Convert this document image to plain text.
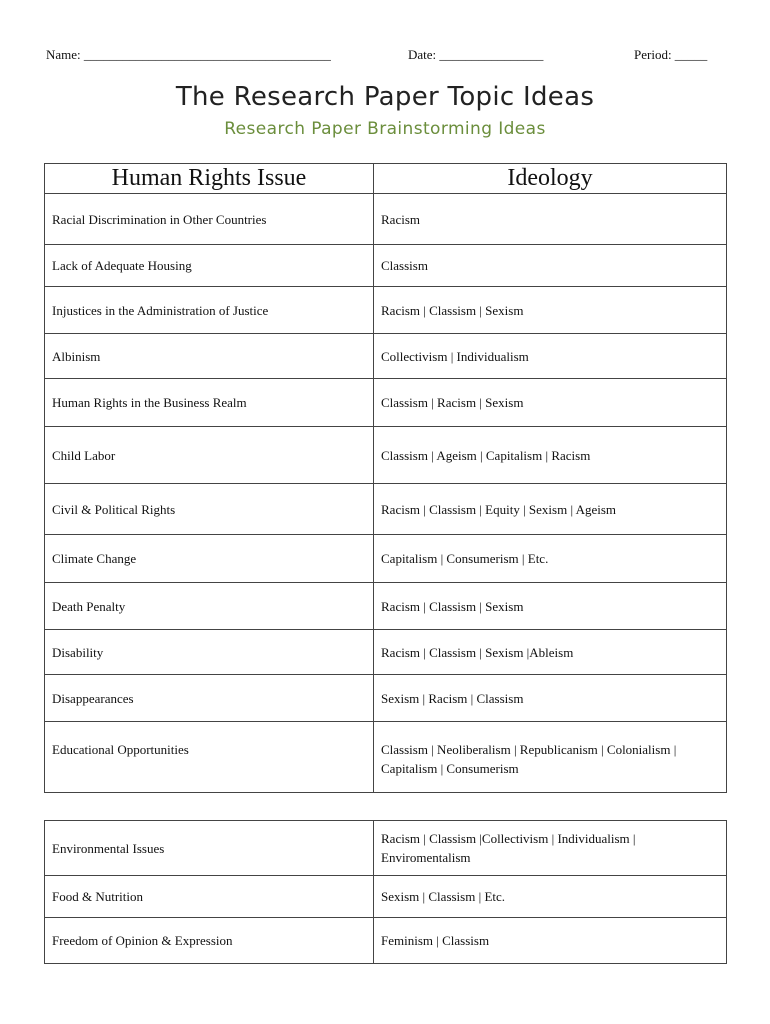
Name: ______________________________________	Date: ________________	Period: _____
The Research Paper Topic Ideas
Research Paper Brainstorming Ideas
Human Rights Issue	Ideology
Racial Discrimination in Other Countries	Racism
Lack of Adequate Housing	Classism
Injustices in the Administration of Justice	Racism | Classism | Sexism
Albinism	Collectivism | Individualism
Human Rights in the Business Realm	Classism | Racism | Sexism
Child Labor	Classism | Ageism | Capitalism | Racism
Civil & Political Rights	Racism | Classism | Equity | Sexism | Ageism
Climate Change	Capitalism | Consumerism | Etc.
Death Penalty	Racism | Classism | Sexism
Disability	Racism | Classism | Sexism |Ableism
Disappearances	Sexism | Racism | Classism
Educational Opportunities	Classism | Neoliberalism | Republicanism | Colonialism | Capitalism | Consumerism
Environmental Issues	Racism | Classism |Collectivism | Individualism | Enviromentalism
Food & Nutrition	Sexism | Classism | Etc.
Freedom of Opinion & Expression	Feminism | Classism
